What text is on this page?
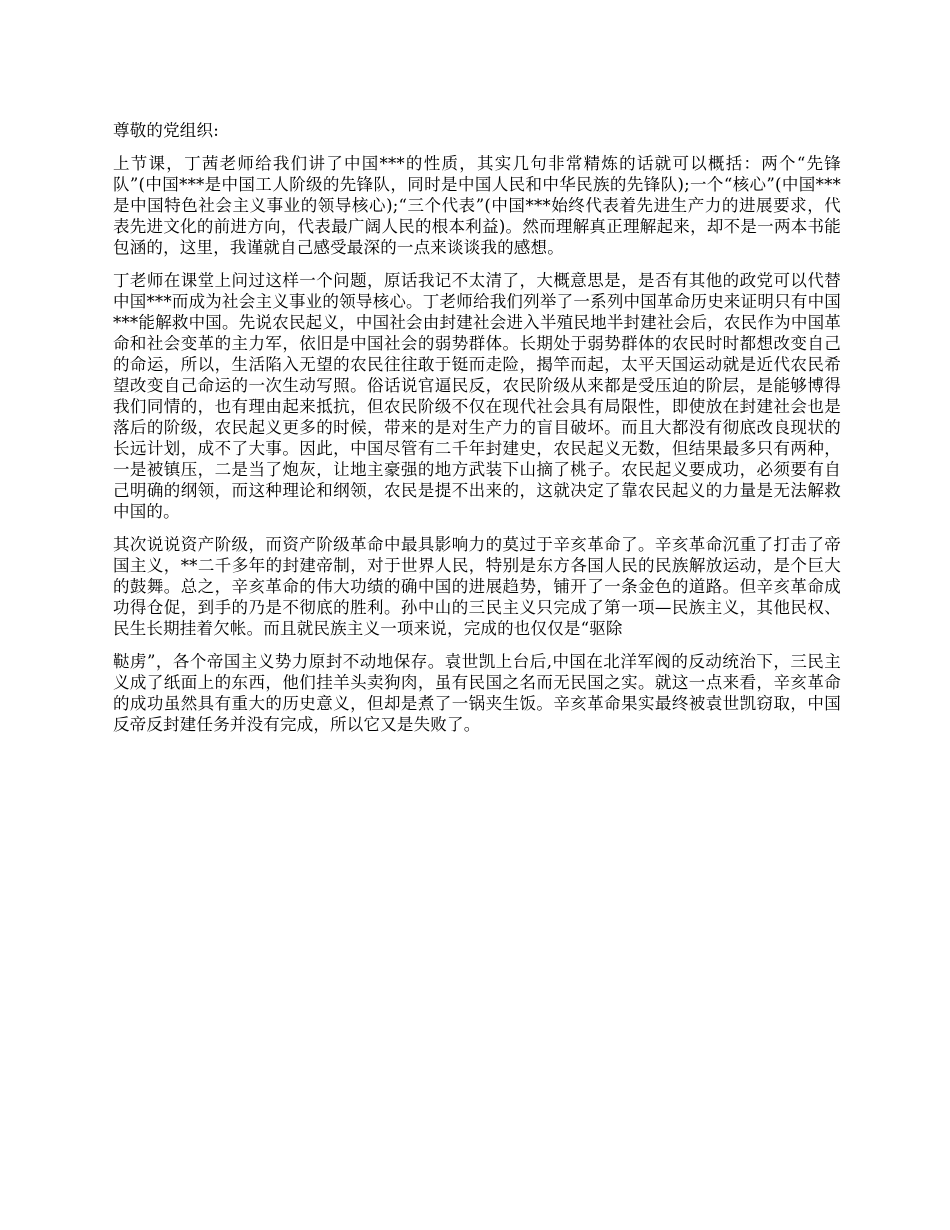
尊敬的党组织:

上节课，丁茜老师给我们讲了中国***的性质，其实几句非常精炼的话就可以概括：两个“先锋队”(中国***是中国工人阶级的先锋队，同时是中国人民和中华民族的先锋队);一个“核心”(中国***是中国特色社会主义事业的领导核心);“三个代表”(中国***始终代表着先进生产力的进展要求，代表先进文化的前进方向，代表最广阔人民的根本利益)。然而理解真正理解起来，却不是一两本书能包涵的，这里，我谨就自己感受最深的一点来谈谈我的感想。

丁老师在课堂上问过这样一个问题，原话我记不太清了，大概意思是，是否有其他的政党可以代替中国***而成为社会主义事业的领导核心。丁老师给我们列举了一系列中国革命历史来证明只有中国***能解救中国。先说农民起义，中国社会由封建社会进入半殖民地半封建社会后，农民作为中国革命和社会变革的主力军，依旧是中国社会的弱势群体。长期处于弱势群体的农民时时都想改变自己的命运，所以，生活陷入无望的农民往往敢于铤而走险，揭竿而起，太平天国运动就是近代农民希望改变自己命运的一次生动写照。俗话说官逼民反，农民阶级从来都是受压迫的阶层，是能够博得我们同情的，也有理由起来抵抗，但农民阶级不仅在现代社会具有局限性，即使放在封建社会也是落后的阶级，农民起义更多的时候，带来的是对生产力的盲目破坏。而且大都没有彻底改良现状的长远计划，成不了大事。因此，中国尽管有二千年封建史，农民起义无数，但结果最多只有两种，一是被镇压，二是当了炮灰，让地主豪强的地方武装下山摘了桃子。农民起义要成功，必须要有自己明确的纲领，而这种理论和纲领，农民是提不出来的，这就决定了靠农民起义的力量是无法解救中国的。

其次说说资产阶级，而资产阶级革命中最具影响力的莫过于辛亥革命了。辛亥革命沉重了打击了帝国主义，**二千多年的封建帝制，对于世界人民，特别是东方各国人民的民族解放运动，是个巨大的鼓舞。总之，辛亥革命的伟大功绩的确中国的进展趋势，铺开了一条金色的道路。但辛亥革命成功得仓促，到手的乃是不彻底的胜利。孙中山的三民主义只完成了第一项—民族主义，其他民权、民生长期挂着欠帐。而且就民族主义一项来说，完成的也仅仅是“驱除

鞑虏”，各个帝国主义势力原封不动地保存。袁世凯上台后,中国在北洋军阀的反动统治下，三民主义成了纸面上的东西，他们挂羊头卖狗肉，虽有民国之名而无民国之实。就这一点来看，辛亥革命的成功虽然具有重大的历史意义，但却是煮了一锅夹生饭。辛亥革命果实最终被袁世凯窃取，中国反帝反封建任务并没有完成，所以它又是失败了。
